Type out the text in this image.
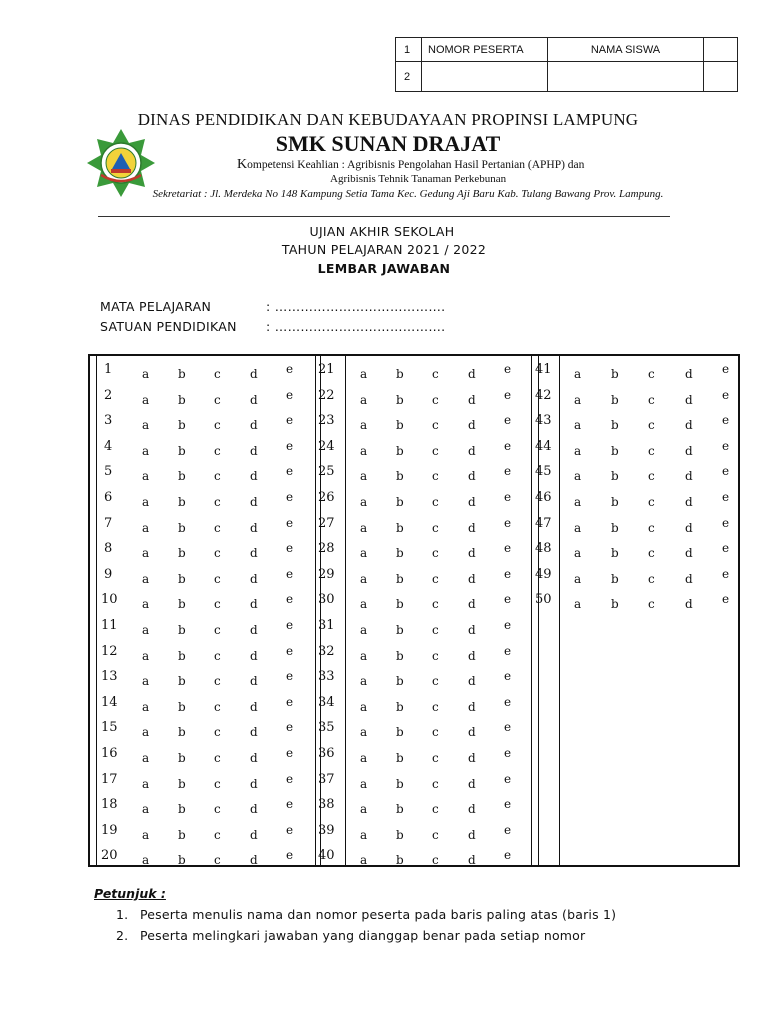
1	NOMOR PESERTA	NAMA SISWA	
2			
DINAS PENDIDIKAN DAN KEBUDAYAAN PROPINSI LAMPUNG
SMK SUNAN DRAJAT
Kompetensi Keahlian : Agribisnis Pengolahan Hasil Pertanian (APHP) dan
Agribisnis Tehnik Tanaman Perkebunan
Sekretariat : Jl. Merdeka No 148 Kampung Setia Tama Kec. Gedung Aji Baru Kab. Tulang Bawang Prov. Lampung.
UJIAN AKHIR SEKOLAH
TAHUN PELAJARAN 2021 / 2022
LEMBAR JAWABAN
MATA PELAJARAN	: ………………………………….
SATUAN PENDIDIKAN : ………………………………….
1 a b c d e
2 a b c d e
3 a b c d e
4 a b c d e
5 a b c d e
6 a b c d e
7 a b c d e
8 a b c d e
9 a b c d e
10 a b c d e
11 a b c d e
12 a b c d e
13 a b c d e
14 a b c d e
15 a b c d e
16 a b c d e
17 a b c d e
18 a b c d e
19 a b c d e
20 a b c d e
21 a b c d e
22 a b c d e
23 a b c d e
24 a b c d e
25 a b c d e
26 a b c d e
27 a b c d e
28 a b c d e
29 a b c d e
30 a b c d e
31 a b c d e
32 a b c d e
33 a b c d e
34 a b c d e
35 a b c d e
36 a b c d e
37 a b c d e
38 a b c d e
39 a b c d e
40 a b c d e
41 a b c	d e
42 a b c	d e
43 a b c	d e
44 a b c	d e
45 a b c	d e
46 a b c	d e
47 a b c	d e
48 a b c	d e
49 a b c	d e
50 a b c	d e
Petunjuk :
1. Peserta menulis nama dan nomor peserta pada baris paling atas (baris 1)
2. Peserta melingkari jawaban yang dianggap benar pada setiap nomor
